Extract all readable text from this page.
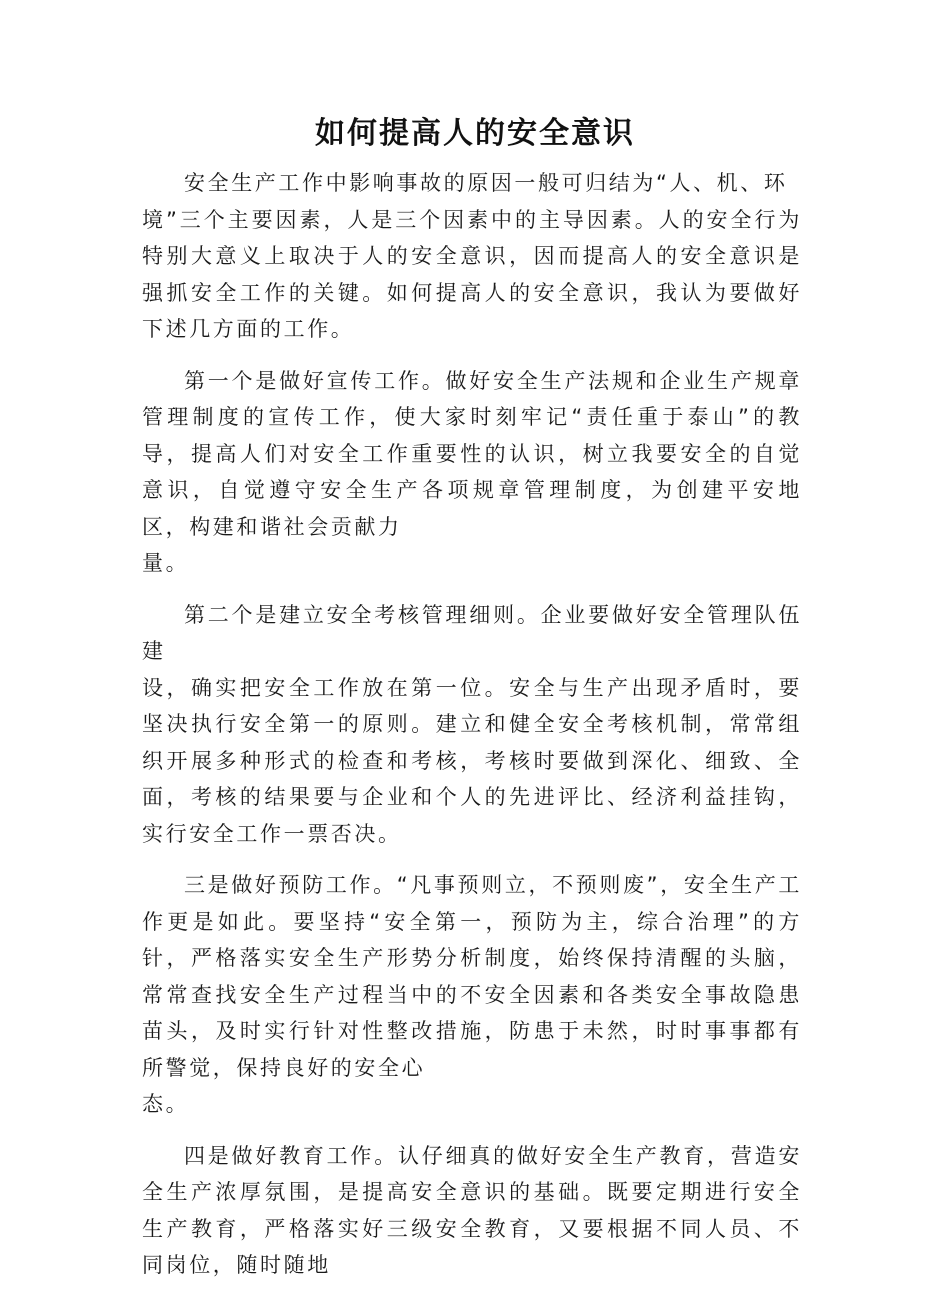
如何提高人的安全意识

安全生产工作中影响事故的原因一般可归结为“人、机、环
境”三个主要因素，人是三个因素中的主导因素。人的安全行为特别大意义上取决于人的安全意识，因而提高人的安全意识是强抓安全工作的关键。如何提高人的安全意识，我认为要做好下述几方面的工作。

第一个是做好宣传工作。做好安全生产法规和企业生产规章管理制度的宣传工作，使大家时刻牢记“责任重于泰山”的教导，提高人们对安全工作重要性的认识，树立我要安全的自觉意识，自觉遵守安全生产各项规章管理制度，为创建平安地区，构建和谐社会贡献力
量。

第二个是建立安全考核管理细则。企业要做好安全管理队伍建
设，确实把安全工作放在第一位。安全与生产出现矛盾时，要坚决执行安全第一的原则。建立和健全安全考核机制，常常组织开展多种形式的检查和考核，考核时要做到深化、细致、全面，考核的结果要与企业和个人的先进评比、经济利益挂钩，实行安全工作一票否决。

三是做好预防工作。“凡事预则立，不预则废”，安全生产工作更是如此。要坚持“安全第一，预防为主，综合治理”的方针，严格落实安全生产形势分析制度，始终保持清醒的头脑，常常查找安全生产过程当中的不安全因素和各类安全事故隐患苗头，及时实行针对性整改措施，防患于未然，时时事事都有所警觉，保持良好的安全心
态。

四是做好教育工作。认仔细真的做好安全生产教育，营造安全生产浓厚氛围，是提高安全意识的基础。既要定期进行安全生产教育，严格落实好三级安全教育，又要根据不同人员、不同岗位，随时随地
